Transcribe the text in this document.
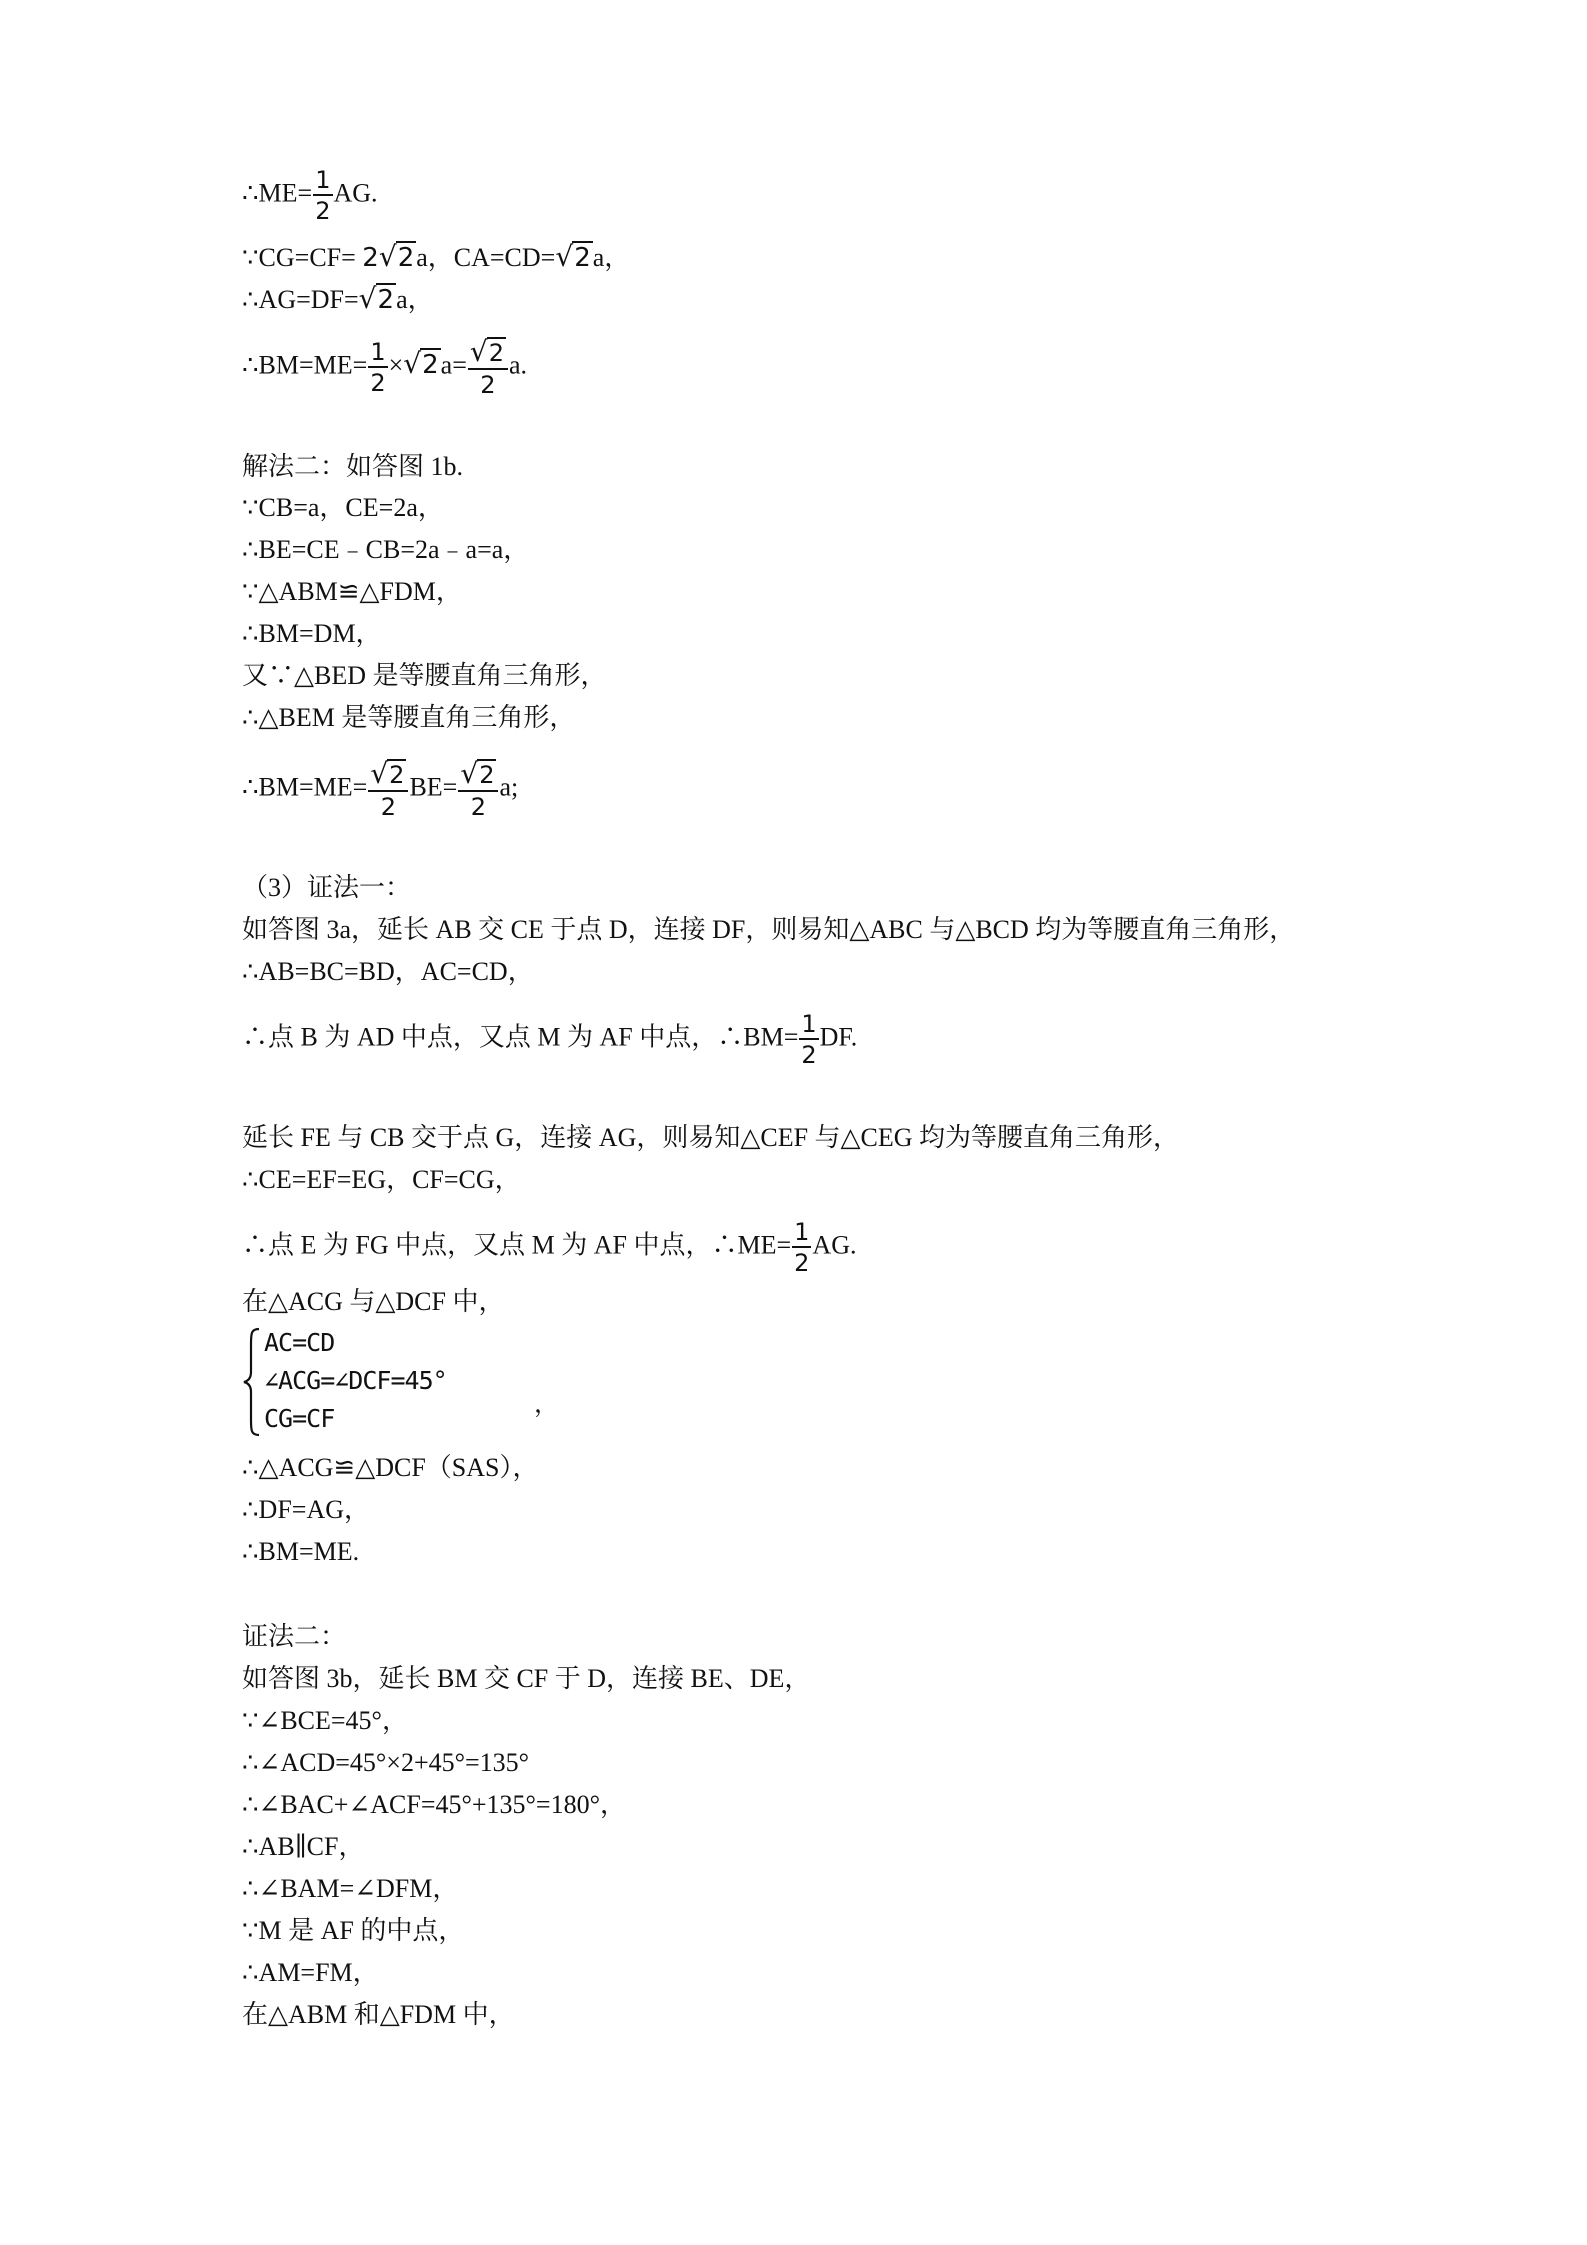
∴ME= $\frac{1}{2}$ AG.
∵CG=CF= 2√2a，CA=CD=√2a，
∴AG=DF=√2a，
∴BM=ME= $\frac{1}{2} \times√2a= \frac{√2}{2} a$.
解法二：如答图 1b.
∵CB=a，CE=2a，
∴BE=CE﹣CB=2a﹣a=a，
∵△ABM≌△FDM，
∴BM=DM，
又∵△BED 是等腰直角三角形，
∴△BEM 是等腰直角三角形，
∴BM=ME= $\frac{√2}{2} BE= \frac{√2}{2} a$;
（3）证法一：
如答图 3a，延长 AB 交 CE 于点 D，连接 DF，则易知△ABC 与△BCD 均为等腰直角三角形，
∴AB=BC=BD，AC=CD，
∴点 B 为 AD 中点，又点 M 为 AF 中点，∴BM= $\frac{1}{2}$ DF.
延长 FE 与 CB 交于点 G，连接 AG，则易知△CEF 与△CEG 均为等腰直角三角形，
∴CE=EF=EG，CF=CG，
∴点 E 为 FG 中点，又点 M 为 AF 中点，∴ME= $\frac{1}{2}$ AG.
在△ACG 与△DCF 中，
AC=CD
∠ACG=∠DCF=45°
CG=CF
，
∴△ACG≌△DCF（SAS），
∴DF=AG，
∴BM=ME.
证法二：
如答图 3b，延长 BM 交 CF 于 D，连接 BE、DE，
∵∠BCE=45°，
∴∠ACD=45°×2+45°=135°
∴∠BAC+∠ACF=45°+135°=180°，
∴AB∥CF，
∴∠BAM=∠DFM，
∵M 是 AF 的中点，
∴AM=FM，
在△ABM 和△FDM 中，
